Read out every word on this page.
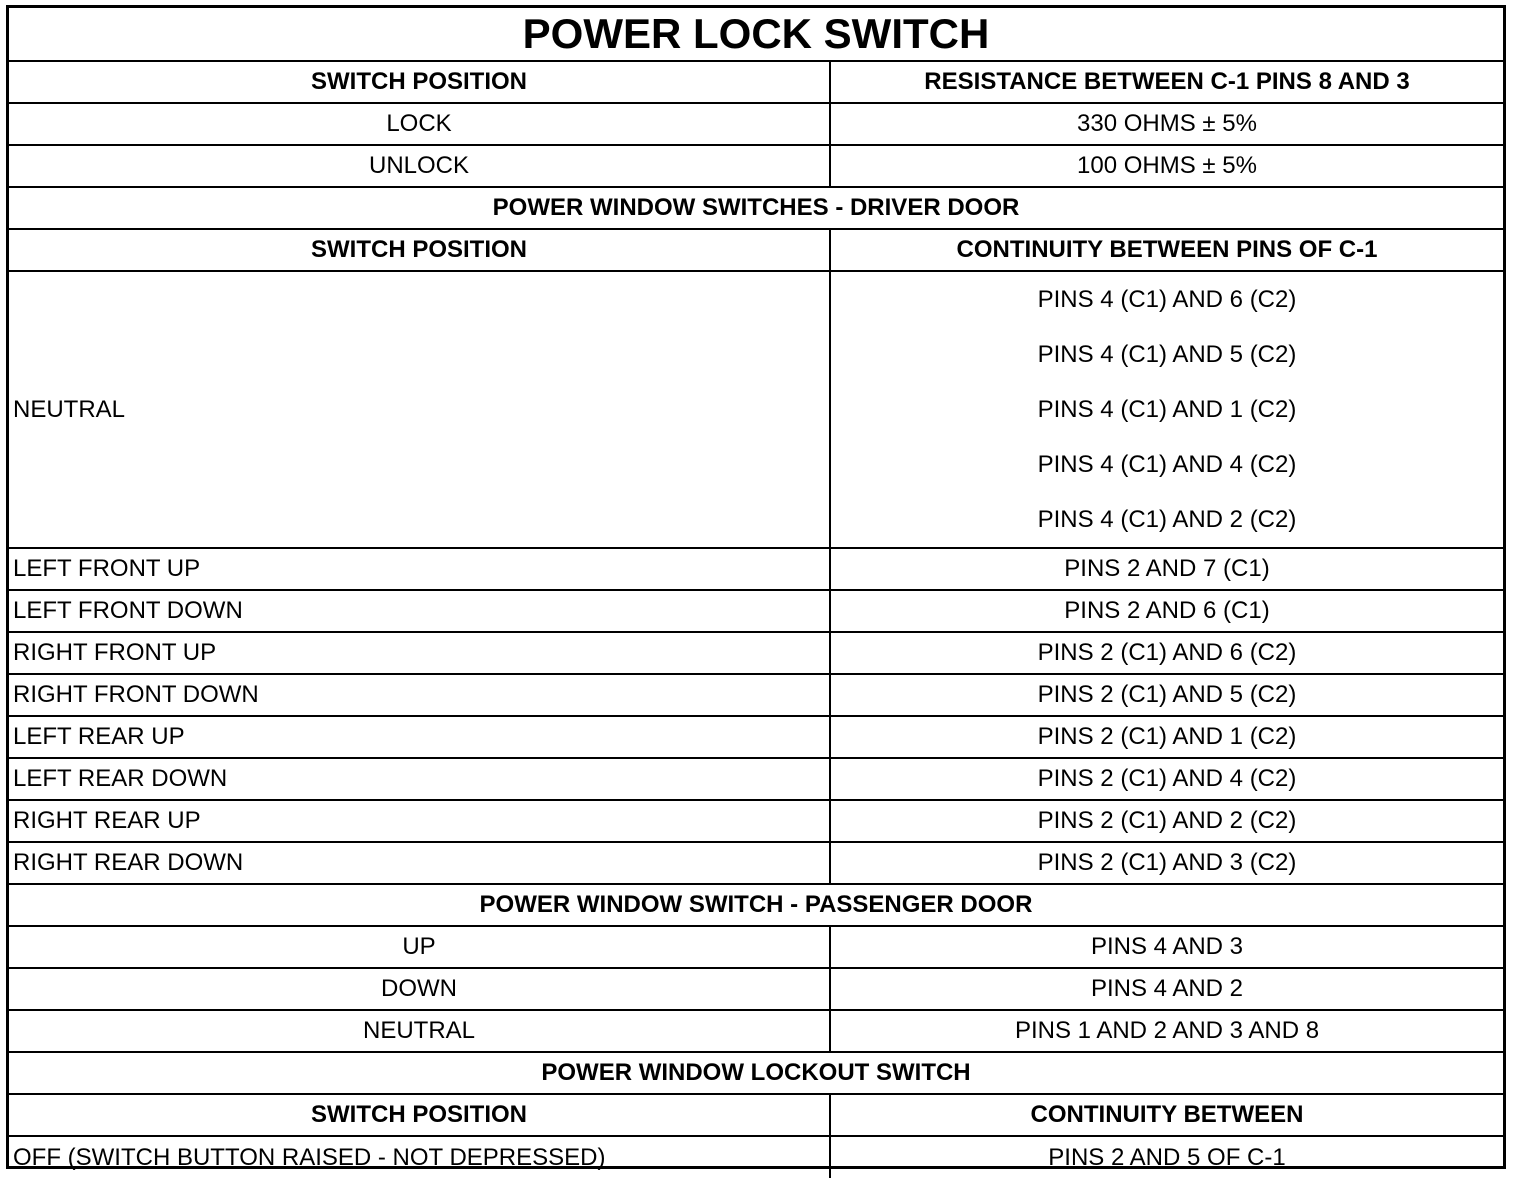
POWER LOCK SWITCH	
SWITCH POSITION	RESISTANCE BETWEEN C-1 PINS 8 AND 3
LOCK	330 OHMS ± 5%
UNLOCK	100 OHMS ± 5%
POWER WINDOW SWITCHES - DRIVER DOOR	
SWITCH POSITION	CONTINUITY BETWEEN PINS OF C-1
NEUTRAL	PINS 4 (C1) AND 6 (C2)
PINS 4 (C1) AND 5 (C2)
PINS 4 (C1) AND 1 (C2)
PINS 4 (C1) AND 4 (C2)
PINS 4 (C1) AND 2 (C2)

LEFT FRONT UP	PINS 2 AND 7 (C1)
LEFT FRONT DOWN	PINS 2 AND 6 (C1)
RIGHT FRONT UP	PINS 2 (C1) AND 6 (C2)
RIGHT FRONT DOWN	PINS 2 (C1) AND 5 (C2)
LEFT REAR UP	PINS 2 (C1) AND 1 (C2)
LEFT REAR DOWN	PINS 2 (C1) AND 4 (C2)
RIGHT REAR UP	PINS 2 (C1) AND 2 (C2)
RIGHT REAR DOWN	PINS 2 (C1) AND 3 (C2)
POWER WINDOW SWITCH - PASSENGER DOOR	
UP	PINS 4 AND 3
DOWN	PINS 4 AND 2
NEUTRAL	PINS 1 AND 2 AND 3 AND 8
POWER WINDOW LOCKOUT SWITCH	
SWITCH POSITION	CONTINUITY BETWEEN
OFF (SWITCH BUTTON RAISED - NOT DEPRESSED)	PINS 2 AND 5 OF C-1
